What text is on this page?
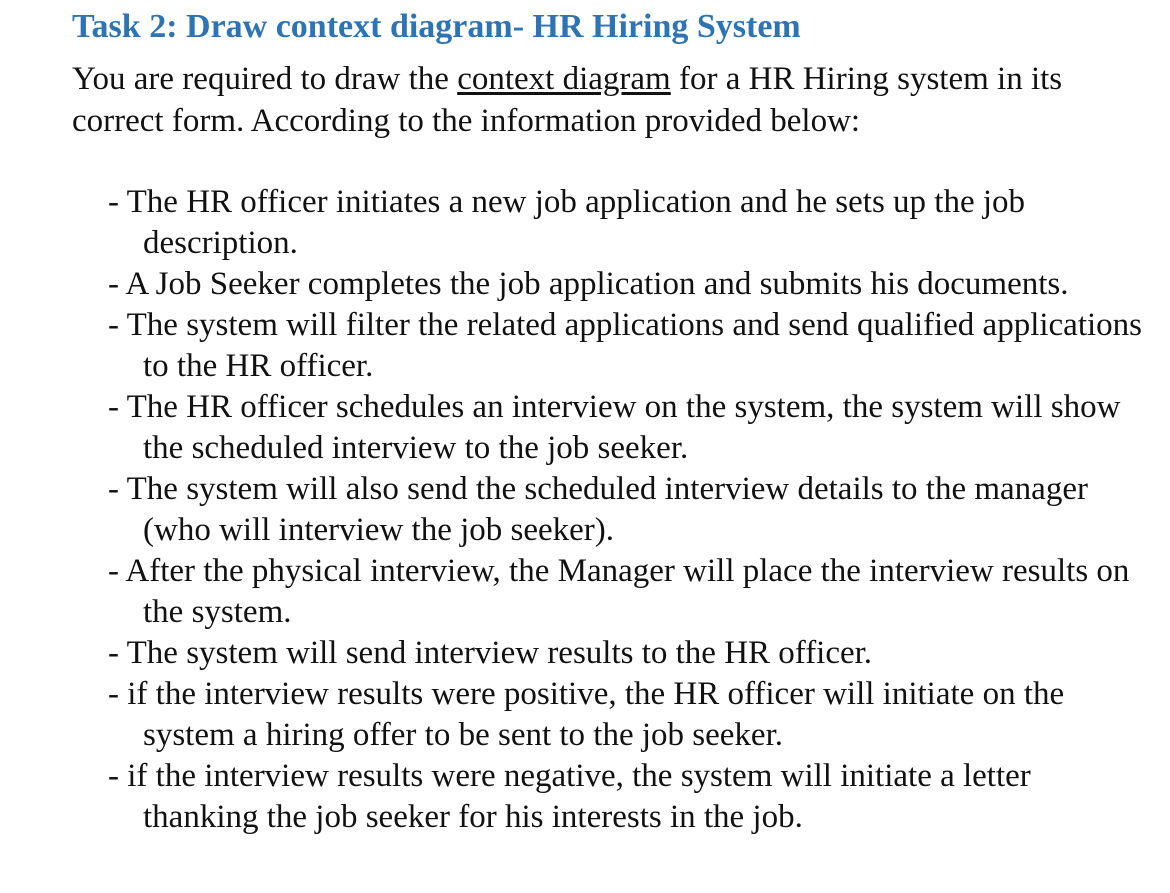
Task 2: Draw context diagram- HR Hiring System

You are required to draw the context diagram for a HR Hiring system in its correct form. According to the information provided below:

- The HR officer initiates a new job application and he sets up the job description.
- A Job Seeker completes the job application and submits his documents.
- The system will filter the related applications and send qualified applications to the HR officer.
- The HR officer schedules an interview on the system, the system will show the scheduled interview to the job seeker.
- The system will also send the scheduled interview details to the manager (who will interview the job seeker).
- After the physical interview, the Manager will place the interview results on the system.
- The system will send interview results to the HR officer.
- if the interview results were positive, the HR officer will initiate on the system a hiring offer to be sent to the job seeker.
- if the interview results were negative, the system will initiate a letter thanking the job seeker for his interests in the job.
